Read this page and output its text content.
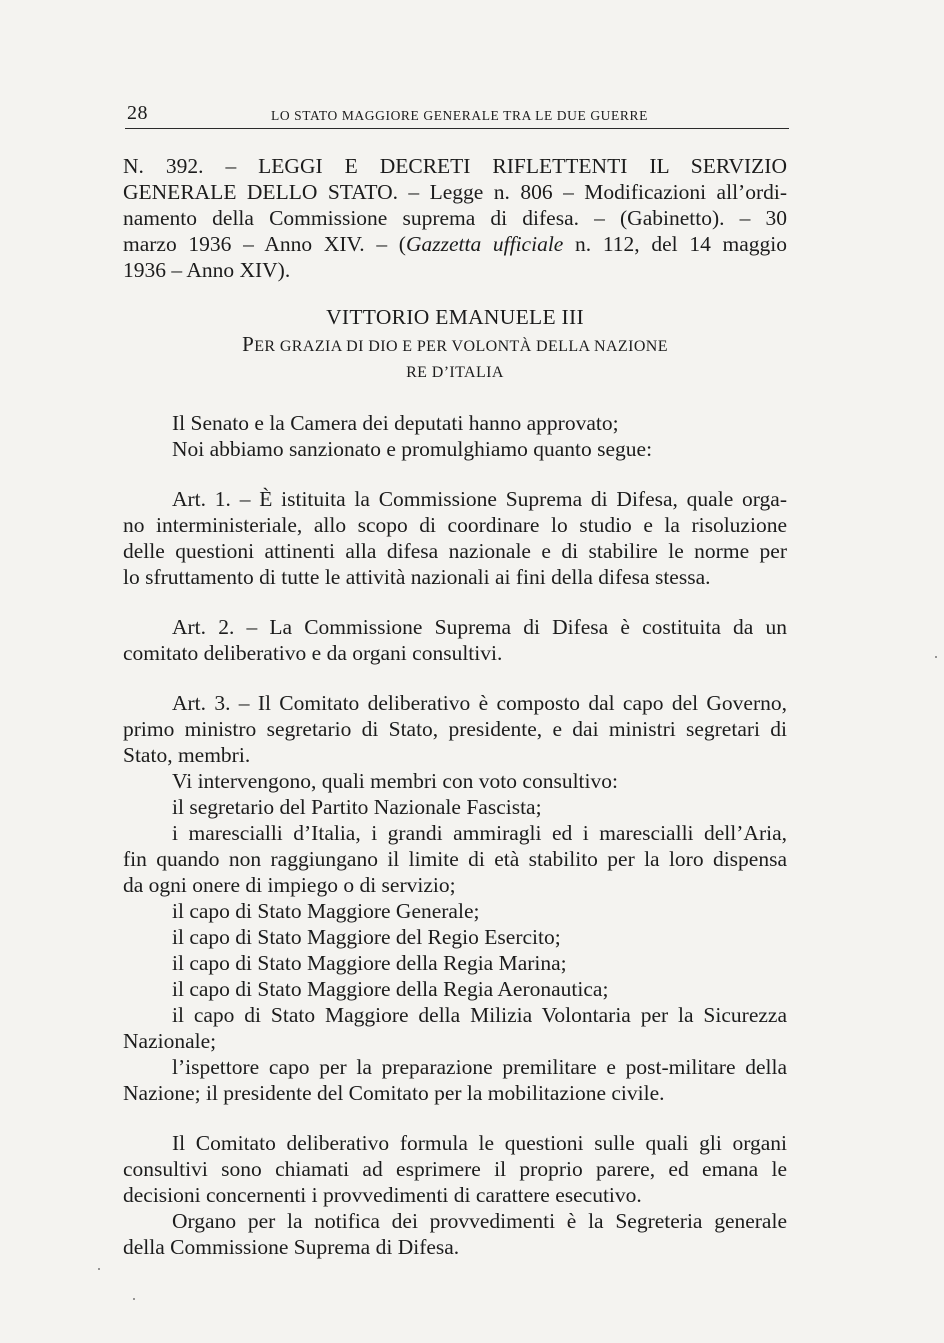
28	LO STATO MAGGIORE GENERALE TRA LE DUE GUERRE
N. 392. – LEGGI E DECRETI RIFLETTENTI IL SERVIZIO
GENERALE DELLO STATO. – Legge n. 806 – Modificazioni all’ordi-
namento della Commissione suprema di difesa. – (Gabinetto). – 30
marzo 1936 – Anno XIV. – (Gazzetta ufficiale n. 112, del 14 maggio
1936 – Anno XIV).
VITTORIO EMANUELE III
PER GRAZIA DI DIO E PER VOLONTÀ DELLA NAZIONE
RE D’ITALIA
Il Senato e la Camera dei deputati hanno approvato;
Noi abbiamo sanzionato e promulghiamo quanto segue:
Art. 1. – È istituita la Commissione Suprema di Difesa, quale orga-
no interministeriale, allo scopo di coordinare lo studio e la risoluzione
delle questioni attinenti alla difesa nazionale e di stabilire le norme per
lo sfruttamento di tutte le attività nazionali ai fini della difesa stessa.
Art. 2. – La Commissione Suprema di Difesa è costituita da un
comitato deliberativo e da organi consultivi.
Art. 3. – Il Comitato deliberativo è composto dal capo del Governo,
primo ministro segretario di Stato, presidente, e dai ministri segretari di
Stato, membri.
Vi intervengono, quali membri con voto consultivo:
il segretario del Partito Nazionale Fascista;
i marescialli d’Italia, i grandi ammiragli ed i marescialli dell’Aria,
fin quando non raggiungano il limite di età stabilito per la loro dispensa
da ogni onere di impiego o di servizio;
il capo di Stato Maggiore Generale;
il capo di Stato Maggiore del Regio Esercito;
il capo di Stato Maggiore della Regia Marina;
il capo di Stato Maggiore della Regia Aeronautica;
il capo di Stato Maggiore della Milizia Volontaria per la Sicurezza
Nazionale;
l’ispettore capo per la preparazione premilitare e post-militare della
Nazione; il presidente del Comitato per la mobilitazione civile.
Il Comitato deliberativo formula le questioni sulle quali gli organi
consultivi sono chiamati ad esprimere il proprio parere, ed emana le
decisioni concernenti i provvedimenti di carattere esecutivo.
Organo per la notifica dei provvedimenti è la Segreteria generale
della Commissione Suprema di Difesa.
